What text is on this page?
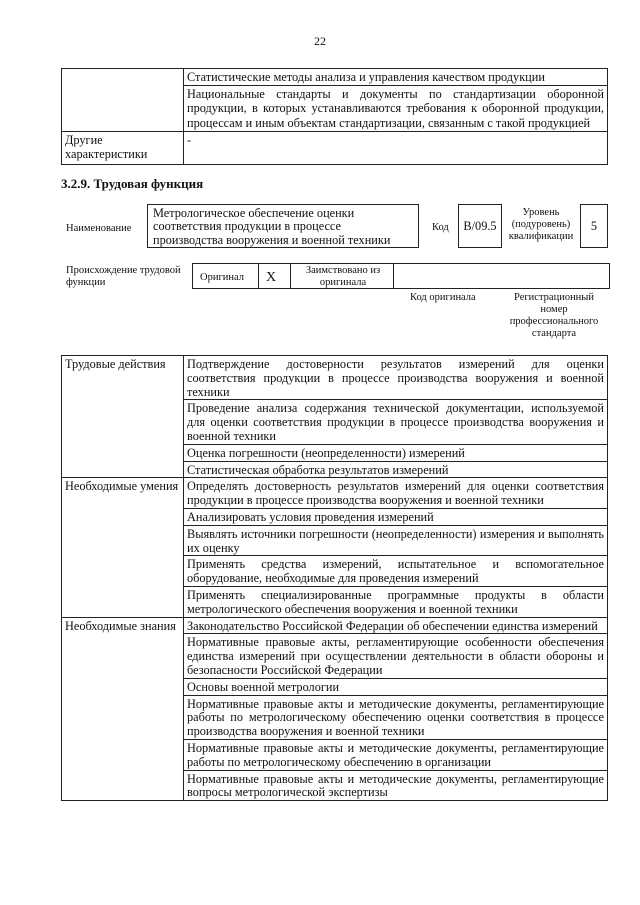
22
	Статистические методы анализа и управления качеством продукции
	Национальные стандарты и документы по стандартизации оборонной продукции, в которых устанавливаются требования к оборонной продукции, процессам и иным объектам стандартизации, связанным с такой продукцией
Другие характеристики	-
3.2.9. Трудовая функция
Наименование
Метрологическое обеспечение оценки соответствия продукции в процессе производства вооружения и военной техники
Код	B/09.5
Уровень (подуровень) квалификации
5
Происхождение трудовой функции	Оригинал X	Заимствовано из оригинала
Код оригинала	Регистрационный номер профессионального стандарта
Трудовые действия	Подтверждение достоверности результатов измерений для оценки соответствия продукции в процессе производства вооружения и военной техники
	Проведение анализа содержания технической документации, используемой для оценки соответствия продукции в процессе производства вооружения и военной техники
	Оценка погрешности (неопределенности) измерений
	Статистическая обработка результатов измерений
Необходимые умения	Определять достоверность результатов измерений для оценки соответствия продукции в процессе производства вооружения и военной техники
	Анализировать условия проведения измерений
	Выявлять источники погрешности (неопределенности) измерения и выполнять их оценку
	Применять средства измерений, испытательное и вспомогательное оборудование, необходимые для проведения измерений
	Применять специализированные программные продукты в области метрологического обеспечения вооружения и военной техники
Необходимые знания	Законодательство Российской Федерации об обеспечении единства измерений
	Нормативные правовые акты, регламентирующие особенности обеспечения единства измерений при осуществлении деятельности в области обороны и безопасности Российской Федерации
	Основы военной метрологии
	Нормативные правовые акты и методические документы, регламентирующие работы по метрологическому обеспечению оценки соответствия в процессе производства вооружения и военной техники
	Нормативные правовые акты и методические документы, регламентирующие работы по метрологическому обеспечению в организации
	Нормативные правовые акты и методические документы, регламентирующие вопросы метрологической экспертизы
